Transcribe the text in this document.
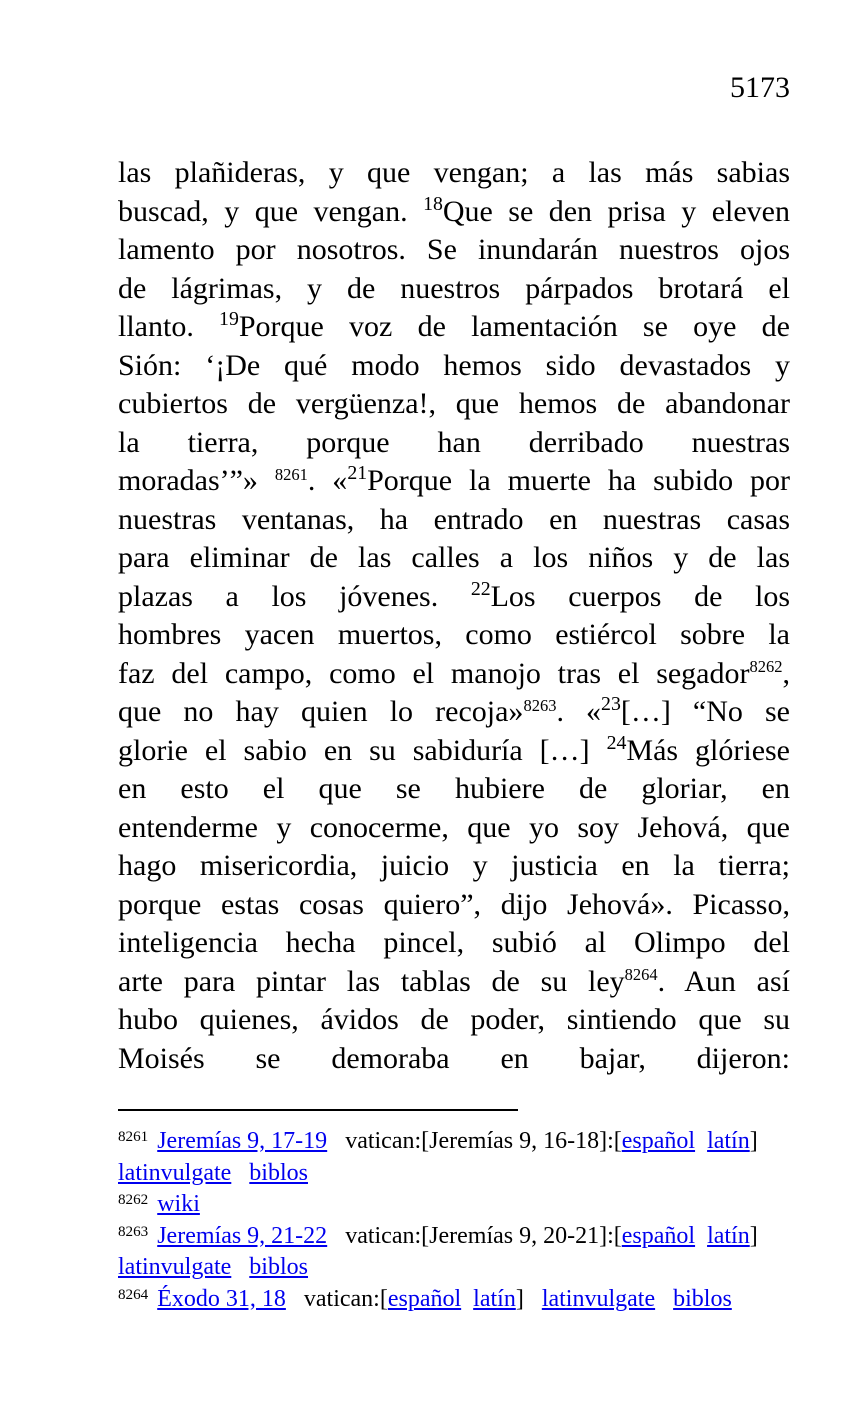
5173
las plañideras, y que vengan; a las más sabias
buscad, y que vengan. $^{18}$Que se den prisa y eleven
lamento por nosotros. Se inundarán nuestros ojos
de lágrimas, y de nuestros párpados brotará el
llanto. $^{19}$Porque voz de lamentación se oye de
Sión: ‘¡De qué modo hemos sido devastados y
cubiertos de vergüenza!, que hemos de abandonar
la tierra, porque han derribado nuestras
moradas’”» $^{8261}$. «$^{21}$Porque la muerte ha subido por
nuestras ventanas, ha entrado en nuestras casas
para eliminar de las calles a los niños y de las
plazas a los jóvenes. $^{22}$Los cuerpos de los
hombres yacen muertos, como estiércol sobre la
faz del campo, como el manojo tras el segador$^{8262}$,
que no hay quien lo recoja»$^{8263}$. «$^{23}$[…] “No se
glorie el sabio en su sabiduría […] $^{24}$Más glóriese
en esto el que se hubiere de gloriar, en
entenderme y conocerme, que yo soy Jehová, que
hago misericordia, juicio y justicia en la tierra;
porque estas cosas quiero”, dijo Jehová». Picasso,
inteligencia hecha pincel, subió al Olimpo del
arte para pintar las tablas de su ley$^{8264}$. Aun así
hubo quienes, ávidos de poder, sintiendo que su
Moisés se demoraba en bajar, dijeron:
$^{8261}$ Jeremías 9, 17-19   vatican:[Jeremías 9, 16-18]:[español latín]
latinvulgate biblos
$^{8262}$ wiki
$^{8263}$ Jeremías 9, 21-22   vatican:[Jeremías 9, 20-21]:[español latín]
latinvulgate biblos
$^{8264}$ Éxodo 31, 18   vatican:[español latín]   latinvulgate biblos
